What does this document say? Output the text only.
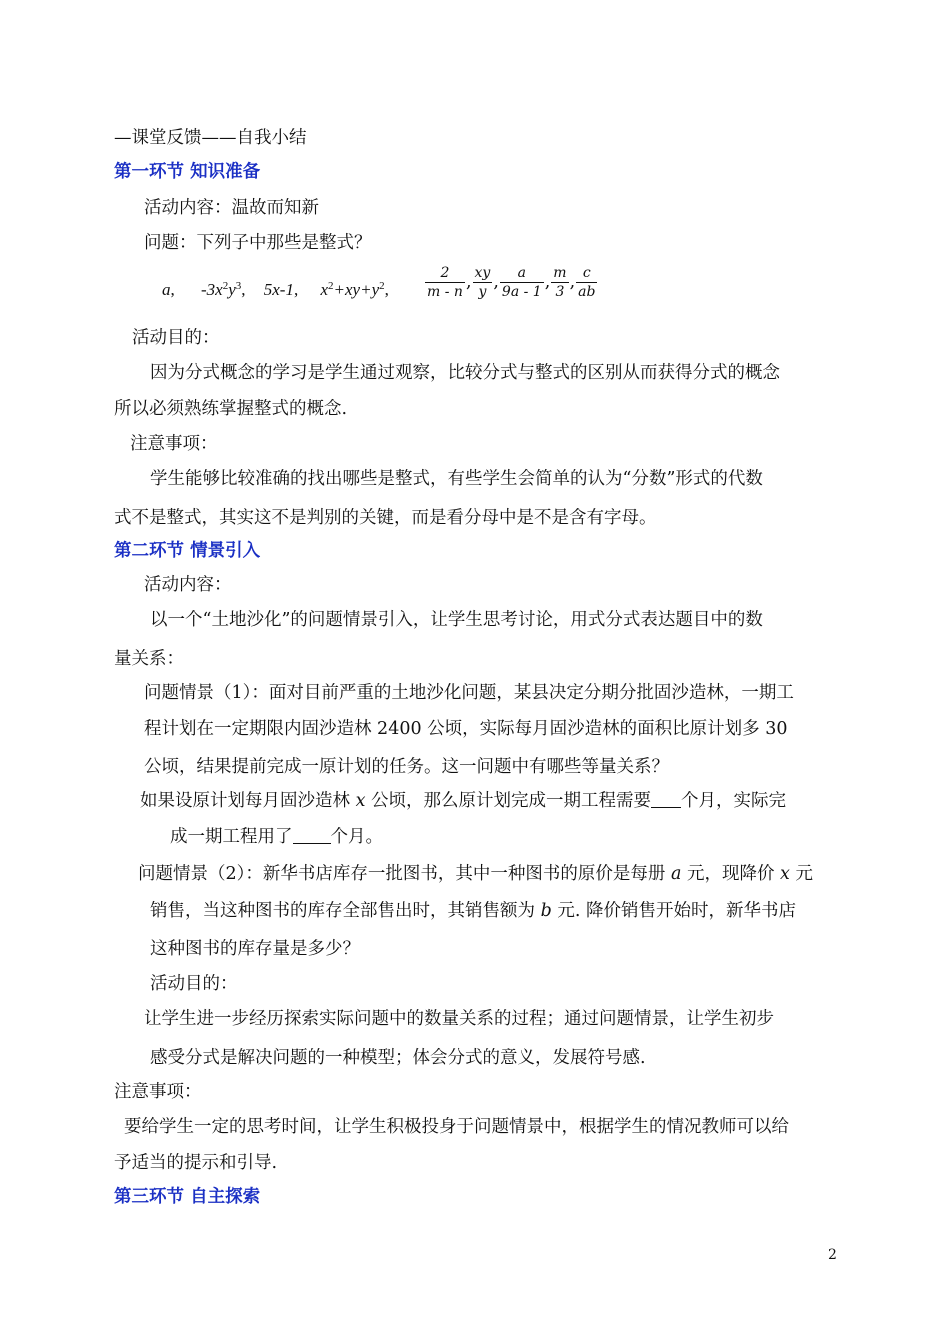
—课堂反馈——自我小结
第一环节 知识准备
活动内容：温故而知新
问题：下列子中那些是整式？
a, $-3x^2y^3$, 5x-1, $x^2+xy+y^2$,	$\frac{2}{m - n}$ , $\frac{xy}{y}$ , $\frac{a}{9a - 1}$ , $\frac{m}{3}$ , $\frac{c}{ab}$
活动目的：
因为分式概念的学习是学生通过观察，比较分式与整式的区别从而获得分式的概念
所以必须熟练掌握整式的概念.
注意事项：
学生能够比较准确的找出哪些是整式，有些学生会简单的认为“分数”形式的代数
式不是整式，其实这不是判别的关键，而是看分母中是不是含有字母。
第二环节 情景引入
活动内容：
以一个“土地沙化”的问题情景引入，让学生思考讨论，用式分式表达题目中的数
量关系：
问题情景（1）：面对目前严重的土地沙化问题，某县决定分期分批固沙造林，一期工
程计划在一定期限内固沙造林 2400 公顷，实际每月固沙造林的面积比原计划多 30
公顷，结果提前完成一原计划的任务。这一问题中有哪些等量关系？
如果设原计划每月固沙造林 x 公顷，那么原计划完成一期工程需要 个月，实际完
成一期工程用了 个月。
问题情景（2）：新华书店库存一批图书，其中一种图书的原价是每册 a 元，现降价 x 元
销售，当这种图书的库存全部售出时，其销售额为 b 元. 降价销售开始时，新华书店
这种图书的库存量是多少？
活动目的：
让学生进一步经历探索实际问题中的数量关系的过程；通过问题情景，让学生初步
感受分式是解决问题的一种模型；体会分式的意义，发展符号感.
注意事项：
要给学生一定的思考时间，让学生积极投身于问题情景中，根据学生的情况教师可以给
予适当的提示和引导.
第三环节 自主探索
2
